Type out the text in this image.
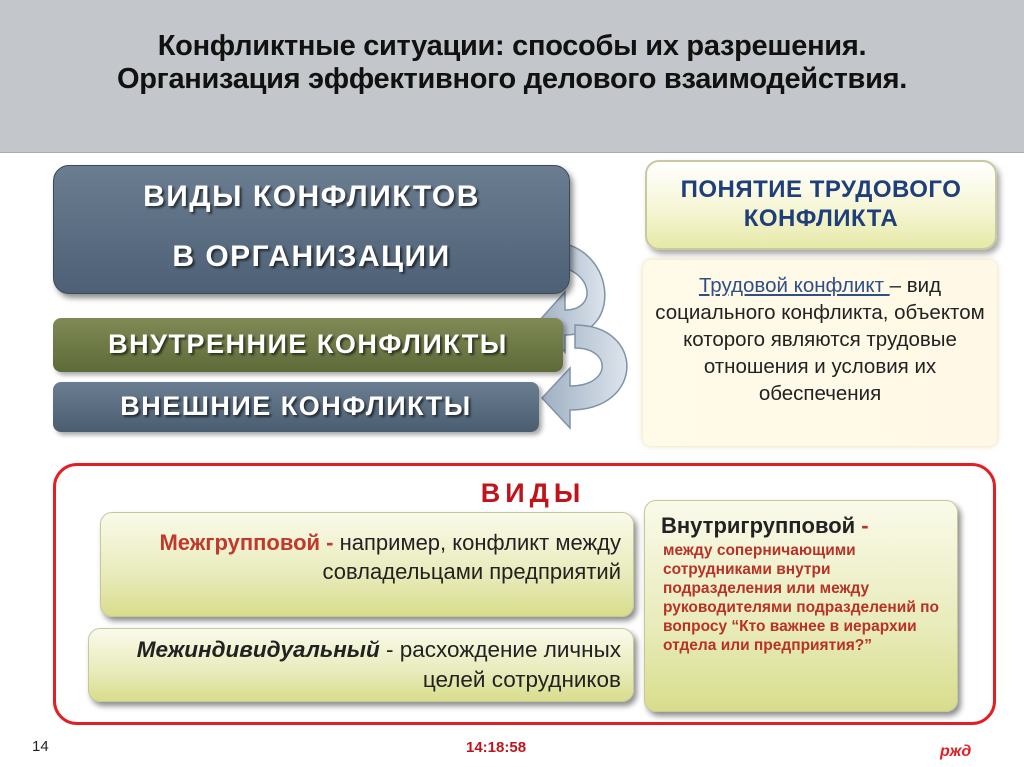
Конфликтные ситуации: способы их разрешения.
Организация эффективного делового взаимодействия.
ВИДЫ КОНФЛИКТОВ
В ОРГАНИЗАЦИИ
ВНУТРЕННИЕ КОНФЛИКТЫ
ВНЕШНИЕ КОНФЛИКТЫ
ПОНЯТИЕ ТРУДОВОГО КОНФЛИКТА
Трудовой конфликт – вид социального конфликта, объектом которого являются трудовые отношения и условия их обеспечения
ВИДЫ
Межгрупповой - например, конфликт между совладельцами предприятий
Межиндивидуальный - расхождение личных целей сотрудников
Внутригрупповой -
между соперничающими сотрудниками внутри подразделения или между руководителями подразделений по вопросу “Кто важнее в иерархии отдела или предприятия?”
14	14:18:58	ржд
